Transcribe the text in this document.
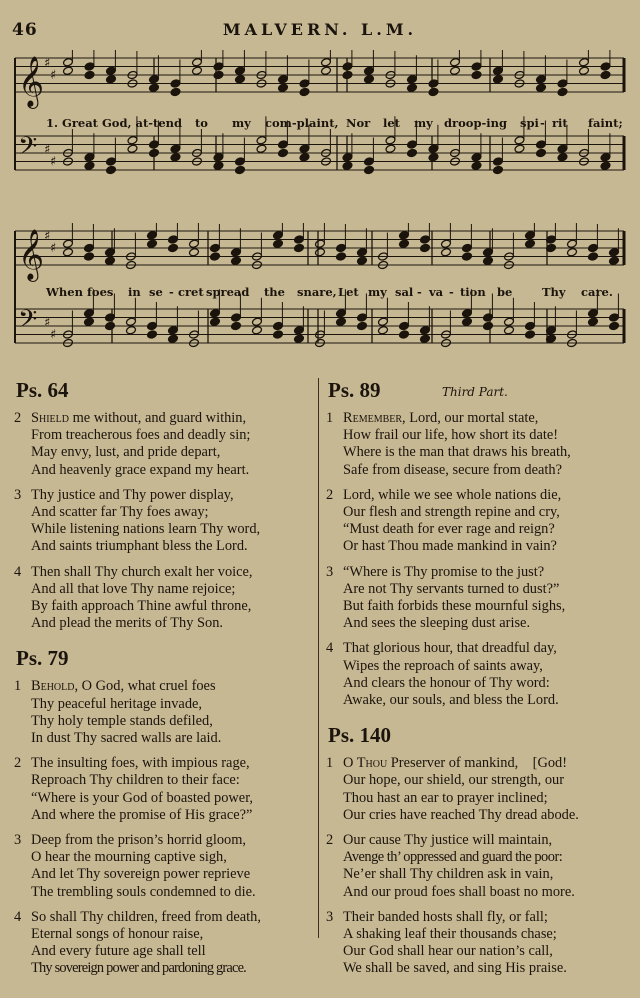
46	MALVERN. L.M.
𝄞 ♯
♯
𝄢 ♯
♯
1. Great God, at-tend to my com-plaint, Nor let my droop-ing spi - rit faint;
𝄞 ♯
♯
𝄢 ♯
♯
When foes in se - cret spread the snare, Let my sal - va - tion be	Thy care.
Ps. 64
2 Shield me without, and guard within,
From treacherous foes and deadly sin;
May envy, lust, and pride depart,
And heavenly grace expand my heart.
3 Thy justice and Thy power display,
And scatter far Thy foes away;
While listening nations learn Thy word,
And saints triumphant bless the Lord.
4 Then shall Thy church exalt her voice,
And all that love Thy name rejoice;
By faith approach Thine awful throne,
And plead the merits of Thy Son.
Ps. 79
1 Behold, O God, what cruel foes
Thy peaceful heritage invade,
Thy holy temple stands defiled,
In dust Thy sacred walls are laid.
2 The insulting foes, with impious rage,
Reproach Thy children to their face:
“Where is your God of boasted power,
And where the promise of His grace?”
3 Deep from the prison’s horrid gloom,
O hear the mourning captive sigh,
And let Thy sovereign power reprieve
The trembling souls condemned to die.
4 So shall Thy children, freed from death,
Eternal songs of honour raise,
And every future age shall tell
Thy sovereign power and pardoning grace.
Ps. 89	Third Part.
1 Remember, Lord, our mortal state,
How frail our life, how short its date!
Where is the man that draws his breath,
Safe from disease, secure from death?
2 Lord, while we see whole nations die,
Our flesh and strength repine and cry,
“Must death for ever rage and reign?
Or hast Thou made mankind in vain?
3 “Where is Thy promise to the just?
Are not Thy servants turned to dust?”
But faith forbids these mournful sighs,
And sees the sleeping dust arise.
4 That glorious hour, that dreadful day,
Wipes the reproach of saints away,
And clears the honour of Thy word:
Awake, our souls, and bless the Lord.
Ps. 140
1 O Thou Preserver of mankind,    [God!
Our hope, our shield, our strength, our
Thou hast an ear to prayer inclined;
Our cries have reached Thy dread abode.
2 Our cause Thy justice will maintain,
Avenge th’ oppressed and guard the poor:
Ne’er shall Thy children ask in vain,
And our proud foes shall boast no more.
3 Their banded hosts shall fly, or fall;
A shaking leaf their thousands chase;
Our God shall hear our nation’s call,
We shall be saved, and sing His praise.
